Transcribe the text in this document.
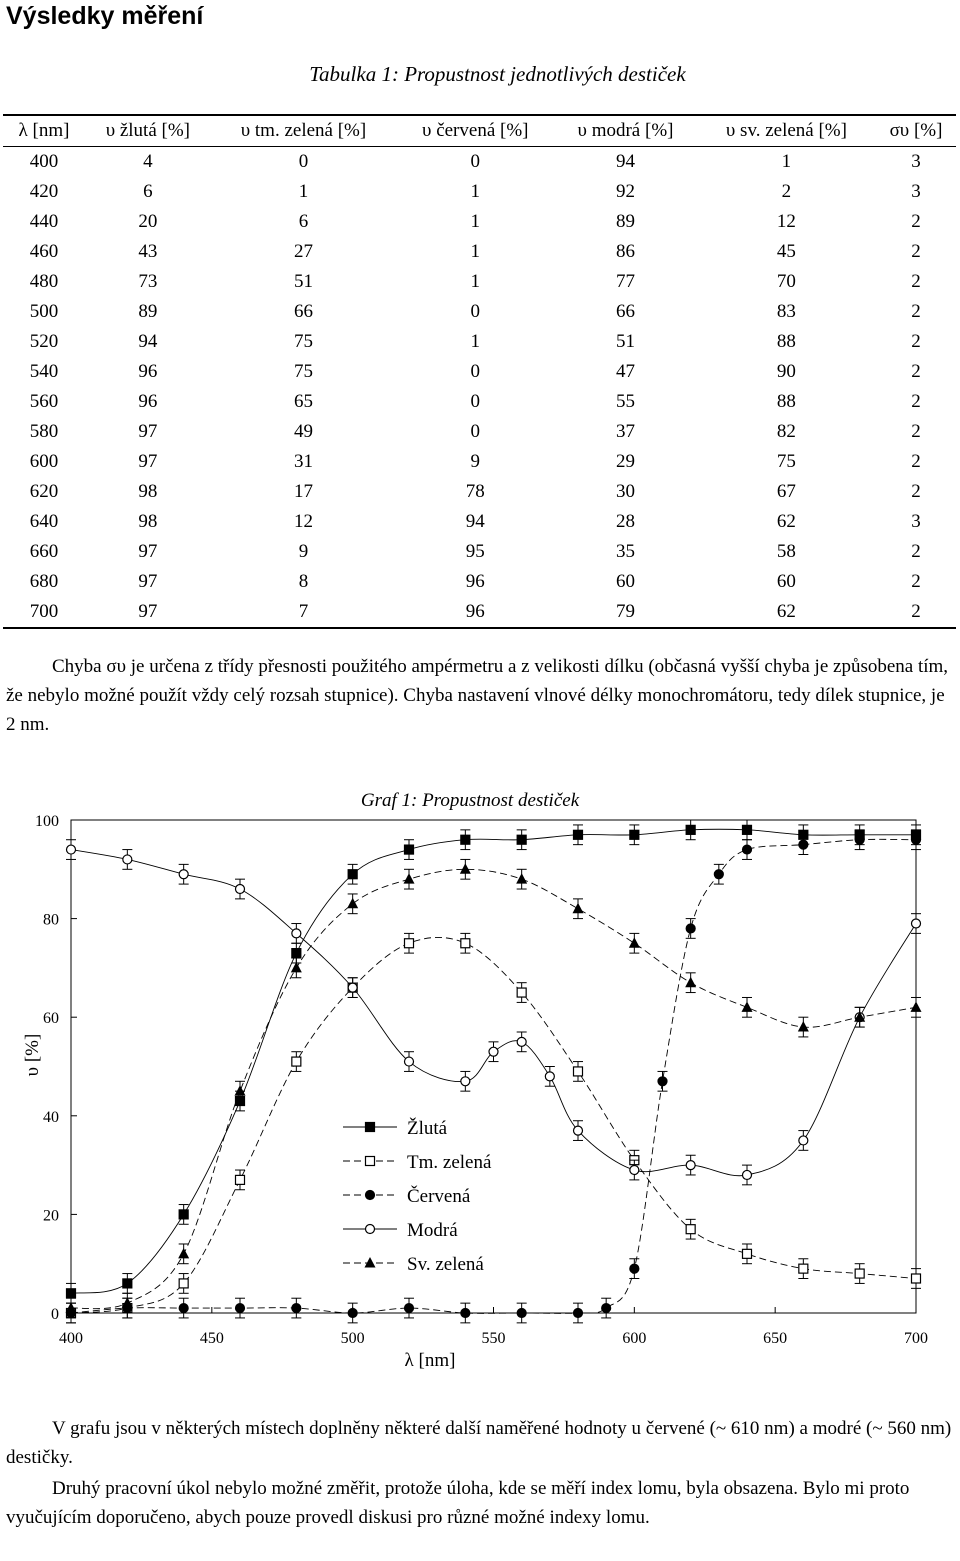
Výsledky měření
Tabulka 1: Propustnost jednotlivých destiček
λ [nm]	υ žlutá [%]	υ tm. zelená [%]	υ červená [%]	υ modrá [%]	υ sv. zelená [%]	συ [%]
400	4	0	0	94	1	3
420	6	1	1	92	2	3
440	20	6	1	89	12	2
460	43	27	1	86	45	2
480	73	51	1	77	70	2
500	89	66	0	66	83	2
520	94	75	1	51	88	2
540	96	75	0	47	90	2
560	96	65	0	55	88	2
580	97	49	0	37	82	2
600	97	31	9	29	75	2
620	98	17	78	30	67	2
640	98	12	94	28	62	3
660	97	9	95	35	58	2
680	97	8	96	60	60	2
700	97	7	96	79	62	2

Chyba συ je určena z třídy přesnosti použitého ampérmetru a z velikosti dílku (občasná vyšší chyba je způsobena tím, že nebylo možné použít vždy celý rozsah stupnice). Chyba nastavení vlnové délky monochromátoru, tedy dílek stupnice, je 2 nm.

Graf 1: Propustnost destiček
λ [nm]
υ [%]
400	450	500	550	600	650	700
0
20
40
60
80
100
Žlutá
Tm. zelená
Červená
Modrá
Sv. zelená

V grafu jsou v některých místech doplněny některé další naměřené hodnoty u červené (~ 610 nm) a modré (~ 560 nm) destičky.

Druhý pracovní úkol nebylo možné změřit, protože úloha, kde se měří index lomu, byla obsazena. Bylo mi proto vyučujícím doporučeno, abych pouze provedl diskusi pro různé možné indexy lomu.
